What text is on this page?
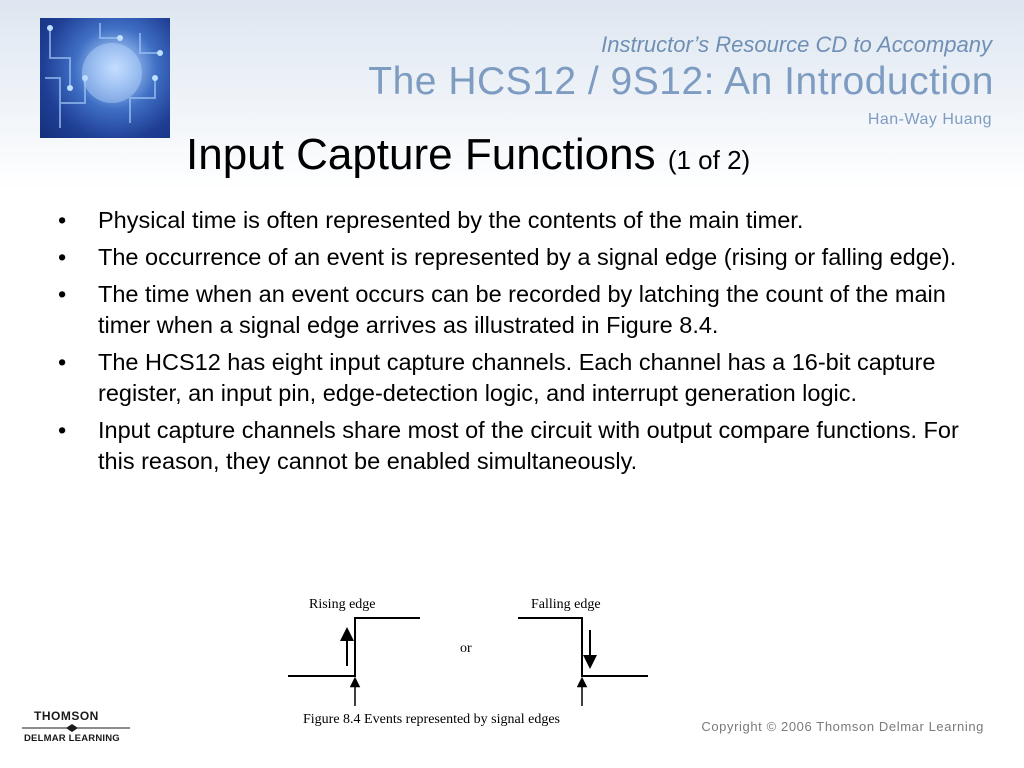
Instructor’s Resource CD to Accompany
The HCS12 / 9S12: An Introduction
Han-Way Huang
Input Capture Functions (1 of 2)
• Physical time is often represented by the contents of the main timer.
• The occurrence of an event is represented by a signal edge (rising or falling edge).
• The time when an event occurs can be recorded by latching the count of the main timer when a signal edge arrives as illustrated in Figure 8.4.
• The HCS12 has eight input capture channels. Each channel has a 16-bit capture register, an input pin, edge-detection logic, and interrupt generation logic.
• Input capture channels share most of the circuit with output compare functions. For this reason, they cannot be enabled simultaneously.
Rising edge	Falling edge
or
Figure 8.4 Events represented by signal edges
THOMSON
DELMAR LEARNING
Copyright © 2006 Thomson Delmar Learning
